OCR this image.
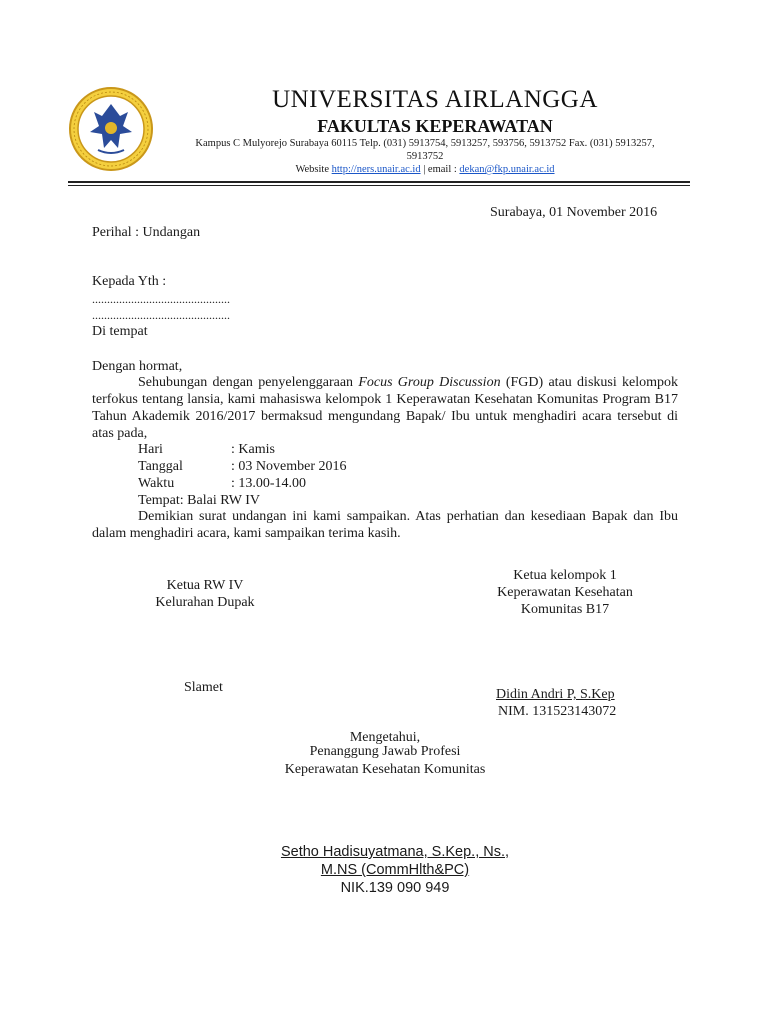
UNIVERSITAS AIRLANGGA
FAKULTAS KEPERAWATAN
Kampus C Mulyorejo Surabaya 60115 Telp. (031) 5913754, 5913257, 593756, 5913752 Fax. (031) 5913257, 5913752
Website http://ners.unair.ac.id | email : dekan@fkp.unair.ac.id
Surabaya, 01 November 2016
Perihal : Undangan
Kepada Yth :
..............................................
..............................................
Di tempat
Dengan hormat,
Sehubungan dengan penyelenggaraan Focus Group Discussion (FGD) atau diskusi kelompok terfokus tentang lansia, kami mahasiswa kelompok 1 Keperawatan Kesehatan Komunitas Program B17 Tahun Akademik 2016/2017 bermaksud mengundang Bapak/ Ibu untuk menghadiri acara tersebut di atas pada,
Hari	: Kamis
Tanggal	: 03 November 2016
Waktu	: 13.00-14.00
Tempat: Balai RW IV
Demikian surat undangan ini kami sampaikan. Atas perhatian dan kesediaan Bapak dan Ibu dalam menghadiri acara, kami sampaikan terima kasih.
Ketua RW IV
Kelurahan Dupak
Slamet
Ketua kelompok 1
Keperawatan Kesehatan
Komunitas B17
Didin Andri P, S.Kep
NIM. 131523143072
Mengetahui,
Penanggung Jawab Profesi
Keperawatan Kesehatan Komunitas
Setho Hadisuyatmana, S.Kep., Ns.,
M.NS (CommHlth&PC)
NIK.139 090 949
